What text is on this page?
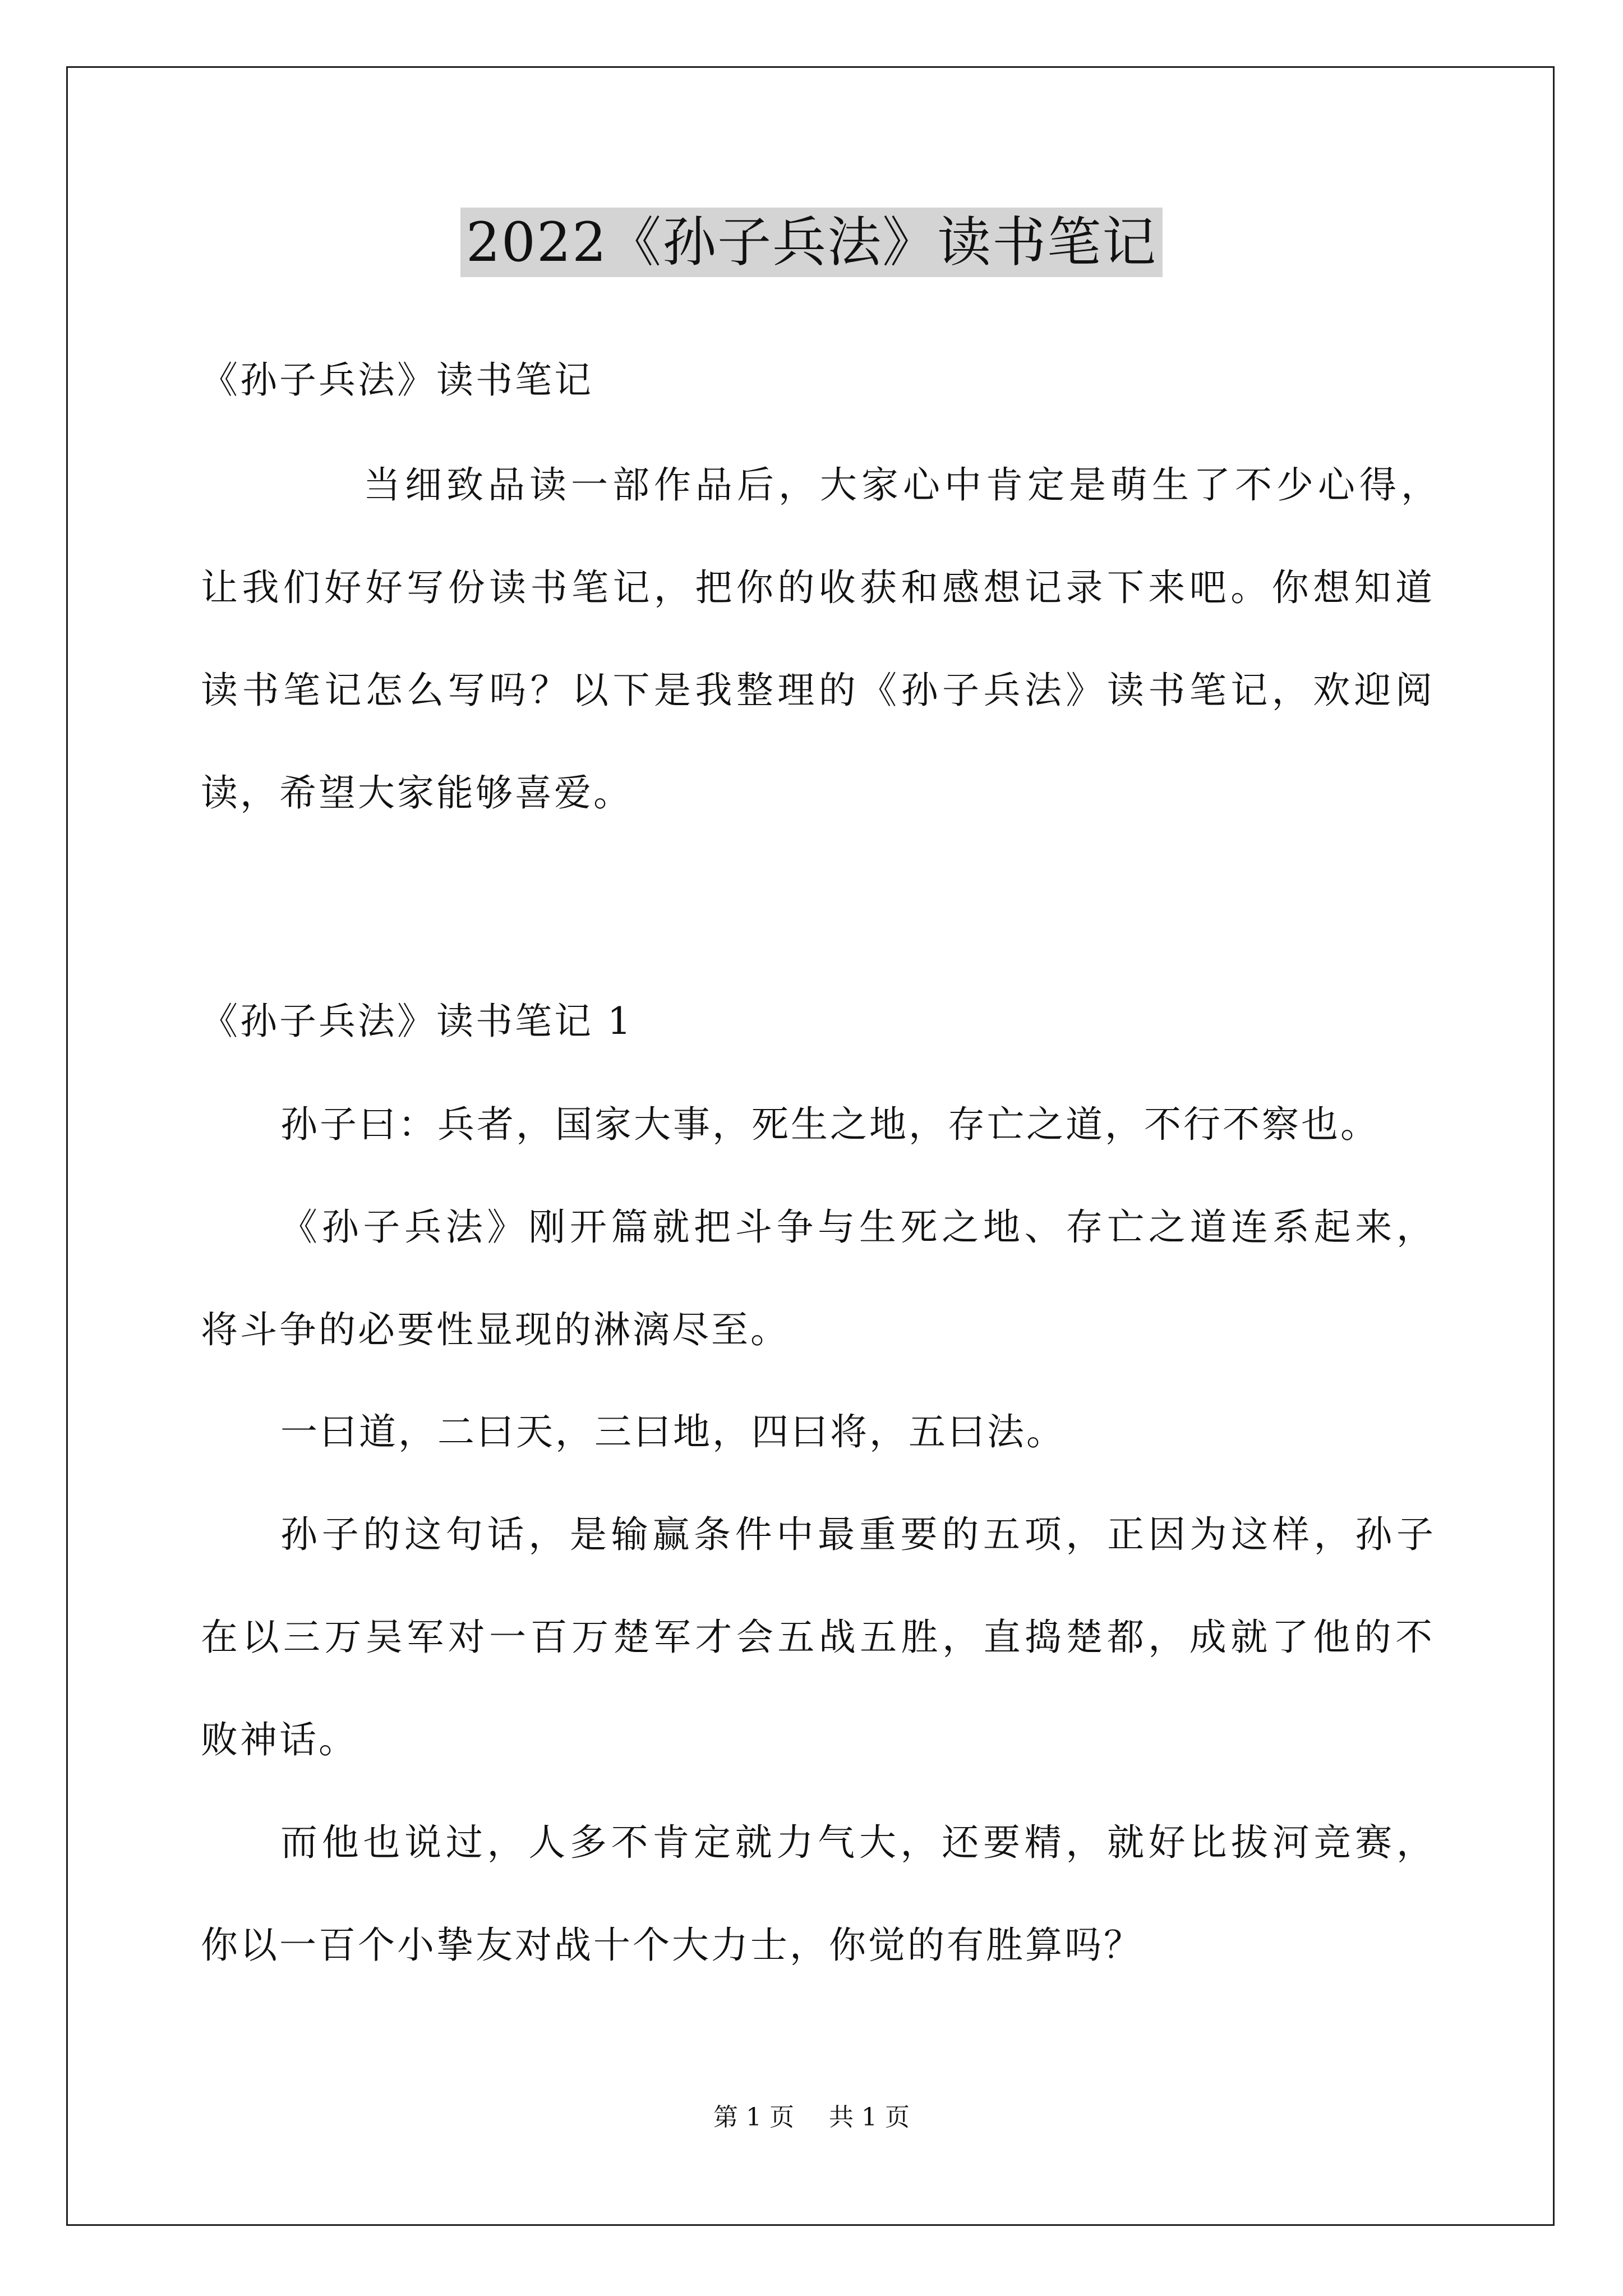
2022《孙子兵法》读书笔记
《孙子兵法》读书笔记
当细致品读一部作品后，大家心中肯定是萌生了不少心得，
让我们好好写份读书笔记，把你的收获和感想记录下来吧。你想知道
读书笔记怎么写吗？以下是我整理的《孙子兵法》读书笔记，欢迎阅
读，希望大家能够喜爱。
《孙子兵法》读书笔记 1
孙子曰：兵者，国家大事，死生之地，存亡之道，不行不察也。
《孙子兵法》刚开篇就把斗争与生死之地、存亡之道连系起来，
将斗争的必要性显现的淋漓尽至。
一曰道，二曰天，三曰地，四曰将，五曰法。
孙子的这句话，是输赢条件中最重要的五项，正因为这样，孙子
在以三万吴军对一百万楚军才会五战五胜，直捣楚都，成就了他的不
败神话。
而他也说过，人多不肯定就力气大，还要精，就好比拔河竞赛，
你以一百个小挚友对战十个大力士，你觉的有胜算吗？
第 1 页 共 1 页
